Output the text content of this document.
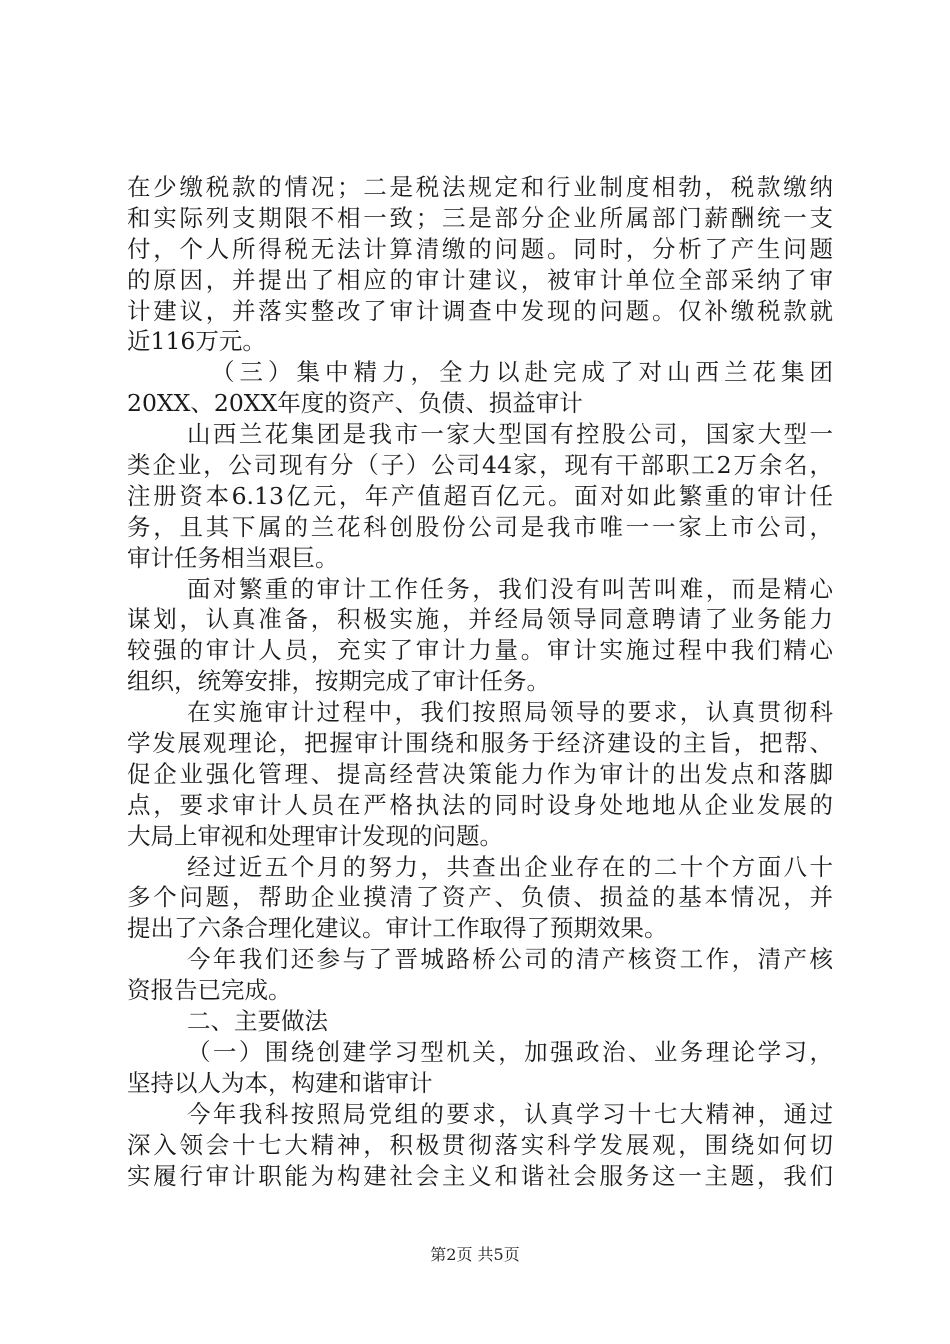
在少缴税款的情况；二是税法规定和行业制度相勃，税款缴纳
和实际列支期限不相一致；三是部分企业所属部门薪酬统一支
付，个人所得税无法计算清缴的问题。同时，分析了产生问题
的原因，并提出了相应的审计建议，被审计单位全部采纳了审
计建议，并落实整改了审计调查中发现的问题。仅补缴税款就
近116万元。
（三）集中精力，全力以赴完成了对山西兰花集团
20XX、20XX年度的资产、负债、损益审计
山西兰花集团是我市一家大型国有控股公司，国家大型一
类企业，公司现有分（子）公司44家，现有干部职工2万余名，
注册资本6.13亿元，年产值超百亿元。面对如此繁重的审计任
务，且其下属的兰花科创股份公司是我市唯一一家上市公司，
审计任务相当艰巨。
面对繁重的审计工作任务，我们没有叫苦叫难，而是精心
谋划，认真准备，积极实施，并经局领导同意聘请了业务能力
较强的审计人员，充实了审计力量。审计实施过程中我们精心
组织，统筹安排，按期完成了审计任务。
在实施审计过程中，我们按照局领导的要求，认真贯彻科
学发展观理论，把握审计围绕和服务于经济建设的主旨，把帮、
促企业强化管理、提高经营决策能力作为审计的出发点和落脚
点，要求审计人员在严格执法的同时设身处地地从企业发展的
大局上审视和处理审计发现的问题。
经过近五个月的努力，共查出企业存在的二十个方面八十
多个问题，帮助企业摸清了资产、负债、损益的基本情况，并
提出了六条合理化建议。审计工作取得了预期效果。
今年我们还参与了晋城路桥公司的清产核资工作，清产核
资报告已完成。
二、主要做法
（一）围绕创建学习型机关，加强政治、业务理论学习，
坚持以人为本，构建和谐审计
今年我科按照局党组的要求，认真学习十七大精神，通过
深入领会十七大精神，积极贯彻落实科学发展观，围绕如何切
实履行审计职能为构建社会主义和谐社会服务这一主题，我们
第2页 共5页
